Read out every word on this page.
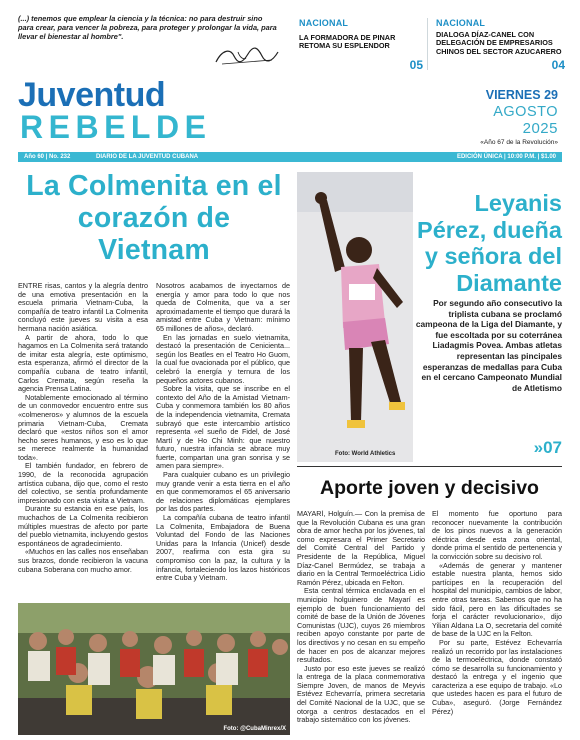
(...) tenemos que emplear la ciencia y la técnica: no para destruir sino para crear, para vencer la pobreza, para proteger y prolongar la vida, para llevar el bienestar al hombre".
NACIONAL
LA FORMADORA DE PINAR RETOMA SU ESPLENDOR
05
NACIONAL
DIALOGA DÍAZ-CANEL CON DELEGACIÓN DE EMPRESARIOS CHINOS DEL SECTOR AZUCARERO
04
Juventud
REBELDE
VIERNES 29
AGOSTO
2025
«Año 67 de la Revolución»
Año 60 | No. 232	DIARIO DE LA JUVENTUD CUBANA	EDICIÓN ÚNICA | 10:00 P.M. | $1.00
La Colmenita en el corazón de Vietnam

ENTRE risas, cantos y la alegría dentro de una emotiva presentación en la escuela primaria Vietnam-Cuba, la compañía de teatro infantil La Colmenita concluyó este jueves su visita a esa hermana nación asiática.

A partir de ahora, todo lo que hagamos en La Colmenita será tratando de imitar esta alegría, este optimismo, esta esperanza, afirmó el director de la compañía cubana de teatro infantil, Carlos Cremata, según reseña la agencia Prensa Latina.

Notablemente emocionado al término de un conmovedor encuentro entre sus «colmeneros» y alumnos de la escuela primaria Vietnam-Cuba, Cremata declaró que «estos niños son el amor hecho seres humanos, y eso es lo que se merece realmente la humanidad toda».

El también fundador, en febrero de 1990, de la reconocida agrupación artística cubana, dijo que, como el resto del colectivo, se sentía profundamente impresionado con esta visita a Vietnam.

Durante su estancia en ese país, los muchachos de La Colmenita recibieron múltiples muestras de afecto por parte del pueblo vietnamita, incluyendo gestos espontáneos de agradecimiento.

«Muchos en las calles nos enseñaban sus brazos, donde recibieron la vacuna cubana Soberana con mucho amor.

Nosotros acabamos de inyectarnos de energía y amor para todo lo que nos queda de Colmenita, que va a ser aproximadamente el tiempo que durará la amistad entre Cuba y Vietnam: mínimo 65 millones de años», declaró.

En las jornadas en suelo vietnamita, destacó la presentación de Cenicienta... según los Beatles en el Teatro Ho Guom, la cual fue ovacionada por el público, que celebró la energía y ternura de los pequeños actores cubanos.

Sobre la visita, que se inscribe en el contexto del Año de la Amistad Vietnam-Cuba y conmemora también los 80 años de la independencia vietnamita, Cremata subrayó que este intercambio artístico representa «el sueño de Fidel, de José Martí y de Ho Chi Minh: que nuestro futuro, nuestra infancia se abrace muy fuerte, compartan una gran sonrisa y se amen para siempre».

Para cualquier cubano es un privilegio muy grande venir a esta tierra en el año en que conmemoramos el 65 aniversario de relaciones diplomáticas ejemplares por las dos partes.

La compañía cubana de teatro infantil La Colmenita, Embajadora de Buena Voluntad del Fondo de las Naciones Unidas para la Infancia (Unicef) desde 2007, reafirma con esta gira su compromiso con la paz, la cultura y la infancia, fortaleciendo los lazos históricos entre Cuba y Vietnam.

Foto: @CubaMinrex/X
Foto: World Athletics
Leyanis Pérez, dueña y señora del Diamante
Por segundo año consecutivo la triplista cubana se proclamó campeona de la Liga del Diamante, y fue escoltada por su coterránea Liadagmis Povea. Ambas atletas representan las pincipales esperanzas de medallas para Cuba en el cercano Campeonato Mundial de Atletismo
»07
Aporte joven y decisivo

MAYARÍ, Holguín.— Con la premisa de que la Revolución Cubana es una gran obra de amor hecha por los jóvenes, tal como expresara el Primer Secretario del Comité Central del Partido y Presidente de la República, Miguel Díaz-Canel Bermúdez, se trabaja a diario en la Central Termoeléctrica Lidio Ramón Pérez, ubicada en Felton.

Esta central térmica enclavada en el municipio holguinero de Mayarí es ejemplo de buen funcionamiento del comité de base de la Unión de Jóvenes Comunistas (UJC), cuyos 26 miembros reciben apoyo constante por parte de los directivos y no cesan en su empeño de hacer en pos de alcanzar mejores resultados.

Justo por eso este jueves se realizó la entrega de la placa conmemorativa Siempre Joven, de manos de Meyvis Estévez Echevarría, primera secretaria del Comité Nacional de la UJC, que se otorga a centros destacados en el trabajo sistemático con los jóvenes.

El momento fue oportuno para reconocer nuevamente la contribución de los pinos nuevos a la generación eléctrica desde esta zona oriental, donde prima el sentido de pertenencia y la convicción sobre su decisivo rol.

«Además de generar y mantener estable nuestra planta, hemos sido partícipes en la recuperación del hospital del municipio, cambios de labor, entre otras tareas. Sabemos que no ha sido fácil, pero en las dificultades se forja el carácter revolucionario», dijo Yilian Aldana La O, secretaria del comité de base de la UJC en la Felton.

Por su parte, Estévez Echevarría realizó un recorrido por las instalaciones de la termoeléctrica, donde constató cómo se desarrolla su funcionamiento y destacó la entrega y el ingenio que caracteriza a ese equipo de trabajo. «Lo que ustedes hacen es para el futuro de Cuba», aseguró. (Jorge Fernández Pérez)
